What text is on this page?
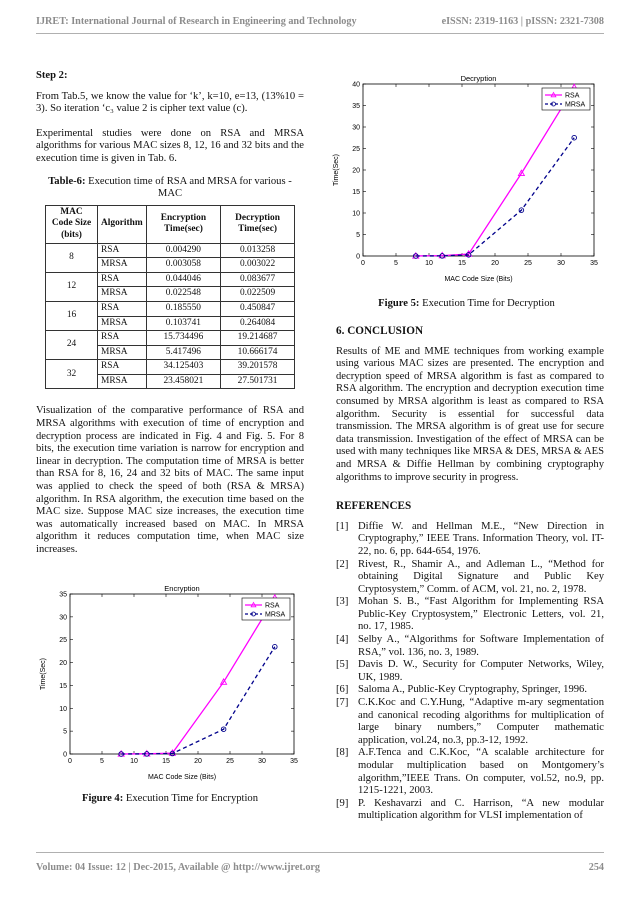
IJRET: International Journal of Research in Engineering and Technology	eISSN: 2319-1163 | pISSN: 2321-7308
Step 2:

From Tab.5, we know the value for ‘k’, k=10, e=13, (13%10 = 3). So iteration ‘c₃ value 2 is cipher text value (c).

Experimental studies were done on RSA and MRSA algorithms for various MAC sizes 8, 12, 16 and 32 bits and the execution time is given in Tab. 6.

Table-6: Execution time of RSA and MRSA for various - MAC
MAC Code Size (bits)	Algorithm	Encryption Time(sec)	Decryption Time(sec)
8	RSA	0.004290	0.013258
	MRSA	0.003058	0.003022
12	RSA	0.044046	0.083677
	MRSA	0.022548	0.022509
16	RSA	0.185550	0.450847
	MRSA	0.103741	0.264084
24	RSA	15.734496	19.214687
	MRSA	5.417496	10.666174
32	RSA	34.125403	39.201578
	MRSA	23.458021	27.501731

Visualization of the comparative performance of RSA and MRSA algorithms with execution of time of encryption and decryption process are indicated in Fig. 4 and Fig. 5. For 8 bits, the execution time variation is narrow for encryption and linear in decryption. The computation time of MRSA is better than RSA for 8, 16, 24 and 32 bits of MAC. The same input was applied to check the speed of both (RSA & MRSA) algorithm. In RSA algorithm, the execution time based on the MAC size. Suppose MAC size increases, the execution time was automatically increased based on MAC. In MRSA algorithm it reduces computation time, when MAC size increases.

0	5	10	15	20	25	30	35
0
5
10
15
20
25
30
35
Encryption
MAC Code Size (Bits)
Time(Sec)
RSA
MRSA
Figure 4: Execution Time for Encryption
0	5	10	15	20	25	30	35
0
5
10
15
20
25
30
35
40
Decryption
MAC Code Size (Bits)
Time(Sec)
RSA
MRSA
Figure 5: Execution Time for Decryption
6. CONCLUSION

Results of ME and MME techniques from working example using various MAC sizes are presented. The encryption and decryption speed of MRSA algorithm is fast as compared to RSA algorithm. The encryption and decryption execution time consumed by MRSA algorithm is least as compared to RSA algorithm. Security is essential for successful data transmission. The MRSA algorithm is of great use for secure data transmission. Investigation of the effect of MRSA can be used with many techniques like MRSA & DES, MRSA & AES and MRSA & Diffie Hellman by combining cryptography algorithms to improve security in progress.

REFERENCES
[1] Diffie W. and Hellman M.E., “New Direction in Cryptography,” IEEE Trans. Information Theory, vol. IT-22, no. 6, pp. 644-654, 1976.
[2] Rivest, R., Shamir A., and Adleman L., “Method for obtaining Digital Signature and Public Key Cryptosystem,” Comm. of ACM, vol. 21, no. 2, 1978.
[3] Mohan S. B., “Fast Algorithm for Implementing RSA Public-Key Cryptosystem,” Electronic Letters, vol. 21, no. 17, 1985.
[4] Selby A., “Algorithms for Software Implementation of RSA,” vol. 136, no. 3, 1989.
[5] Davis D. W., Security for Computer Networks, Wiley, UK, 1989.
[6] Saloma A., Public-Key Cryptography, Springer, 1996.
[7] C.K.Koc and C.Y.Hung, “Adaptive m-ary segmentation and canonical recoding algorithms for multiplication of large binary numbers,” Computer mathematic application, vol.24, no.3, pp.3-12, 1992.
[8] A.F.Tenca and C.K.Koc, “A scalable architecture for modular multiplication based on Montgomery’s algorithm,”IEEE Trans. On computer, vol.52, no.9, pp. 1215-1221, 2003.
[9] P. Keshavarzi and C. Harrison, “A new modular multiplication algorithm for VLSI implementation of
Volume: 04 Issue: 12 | Dec-2015, Available @ http://www.ijret.org	254
